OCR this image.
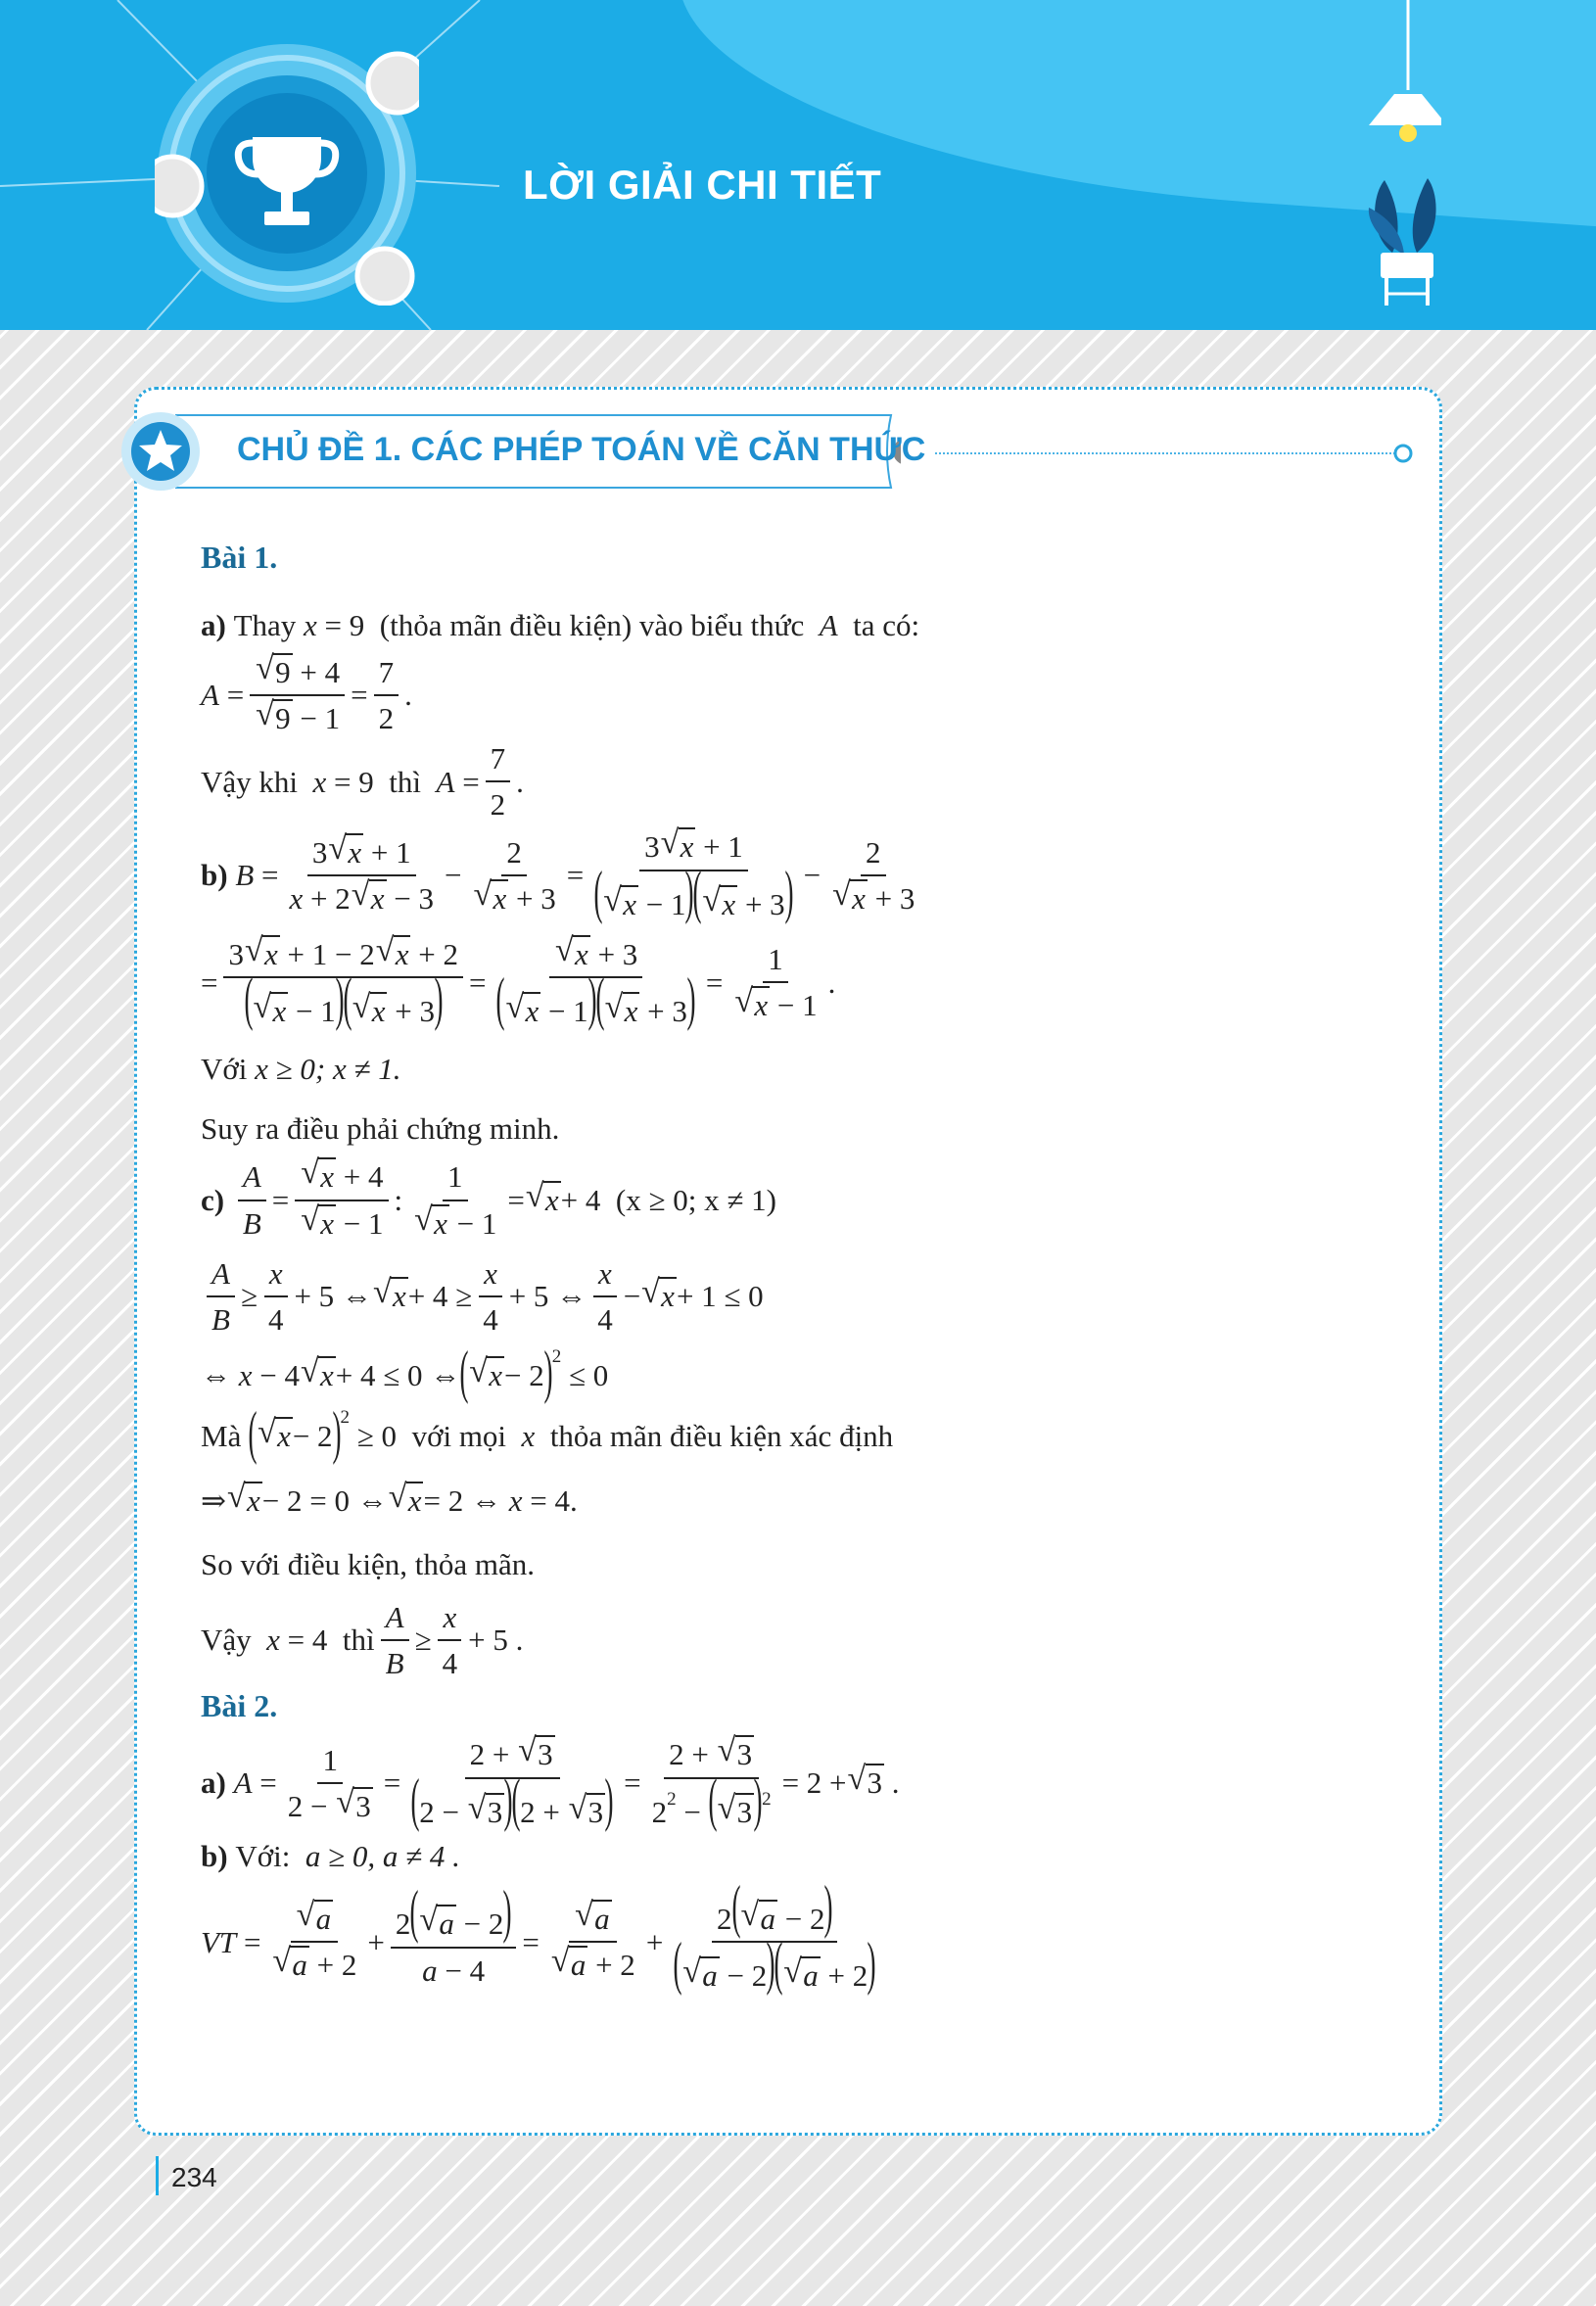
LỜI GIẢI CHI TIẾT
CHỦ ĐỀ 1. CÁC PHÉP TOÁN VỀ CĂN THỨC
Bài 1.
a)
Thay
x = 9 (thỏa mãn điều kiện) vào biểu thức
A
ta có:
A = √ 9 + 4
√ $9 - 1 = \frac{7}{2}$ .
Vậy khi
x = 9 thì
$A = \frac{7}{2}$ .
b)
$B = \frac{3 √ x + 1}{x + 2 √ x - 3} - 2$
√ $x + 3 = \frac{3 √ x + 1}{( √ x - 1)( √ x + 3)} - 2$
√ x + 3
= $\frac{3 √ x + 1 - 2 √ x + 2}{( √ x - 1)( √ x + 3)}$ = √ $\frac{x + 3}{( √ x - 1)( √ x + 3)} = 1$
√ x − 1 .
Với
x ≥ 0; x ≠ 1.
Suy ra điều phải chứng minh.
c)
$\frac{A}{B}$ = √ x + 4
√ x − 1 : 1
√ x − 1 = √ x + 4 (x ≥ 0; x ≠ 1)
$\frac{A}{B} \ge \frac{x}{4} + 5$ ⇔ √ $x + 4 \ge \frac{x}{4} + 5$ ⇔ $\frac{x}{4}$ − √ x + 1 ≤ 0
⇔ x − 4 √ x + 4 ≤ 0 ⇔ ( √ x − 2 ) 2
≤ 0
Mà
( √ x − 2 ) 2
≥ 0 với mọi
x
thỏa mãn điều kiện xác định
⇒ √ x − 2 = 0 ⇔ √ x = 2 ⇔ x = 4.
So với điều kiện, thỏa mãn.
Vậy
x = 4 thì $\frac{A}{B} \ge \frac{x}{4} + 5$ .
Bài 2.
a)
$A = \frac{1}{2 - √ 3} = \frac{2 + √ 3}{(2 - √ 3)(2 + √ 3)} = \frac{2 + √ 3}{2^2 - ( √ 3)^2} = 2$ + √ 3 .
b)
Với:
a ≥ 0, a ≠ 4 .
VT = √ a
√ $a + 2 + \frac{2( √ a - 2)}{a - 4}$ = √ a
√ $a + 2 + \frac{2( √ a - 2)}{( √ a - 2)( √ a + 2)}$
234
